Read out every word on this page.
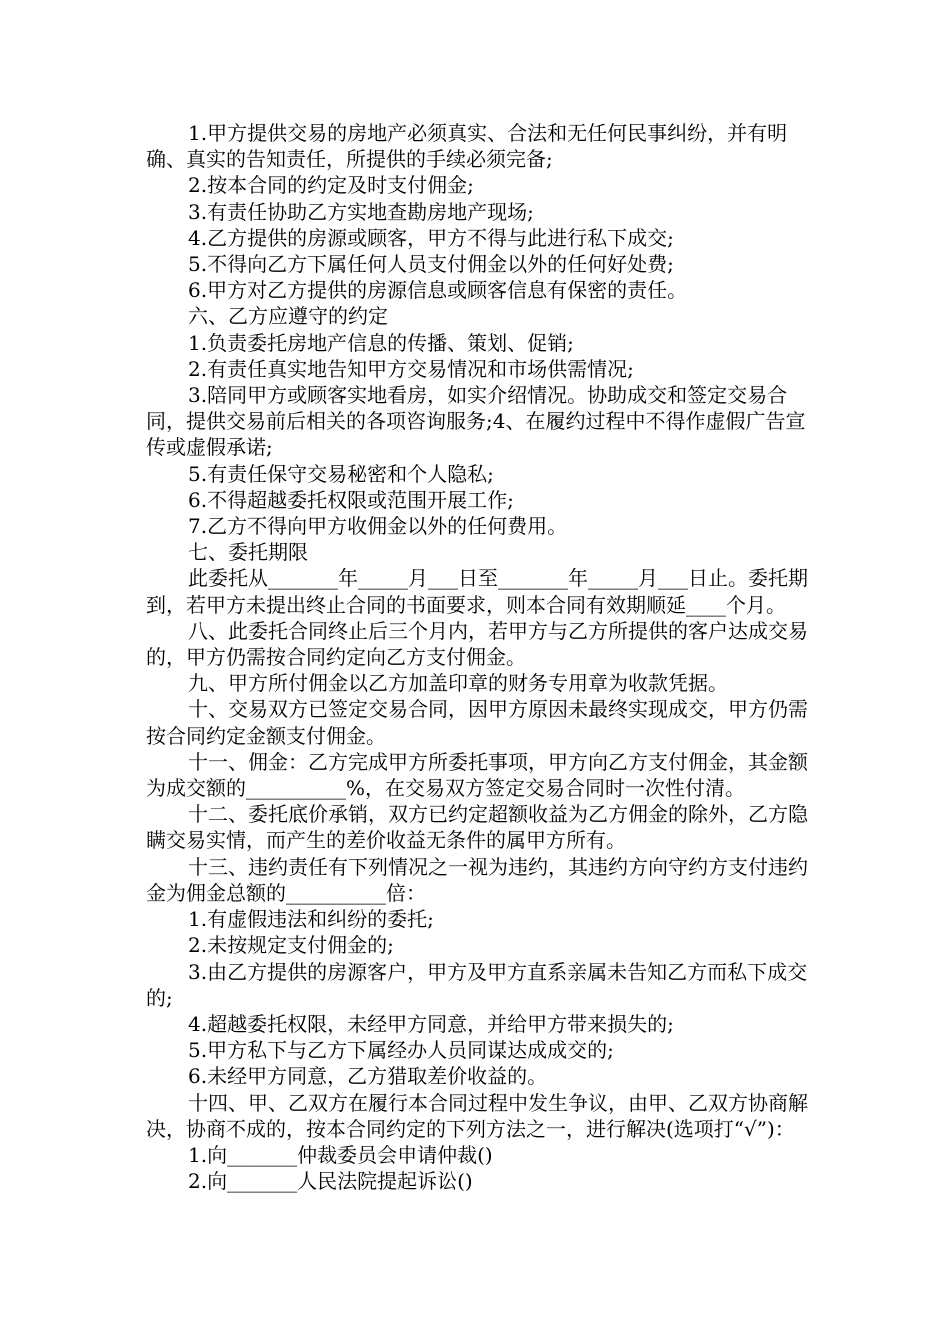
1.甲方提供交易的房地产必须真实、合法和无任何民事纠纷，并有明确、真实的告知责任，所提供的手续必须完备;

2.按本合同的约定及时支付佣金;

3.有责任协助乙方实地查勘房地产现场;

4.乙方提供的房源或顾客，甲方不得与此进行私下成交;

5.不得向乙方下属任何人员支付佣金以外的任何好处费;

6.甲方对乙方提供的房源信息或顾客信息有保密的责任。

六、乙方应遵守的约定

1.负责委托房地产信息的传播、策划、促销;

2.有责任真实地告知甲方交易情况和市场供需情况;

3.陪同甲方或顾客实地看房，如实介绍情况。协助成交和签定交易合同，提供交易前后相关的各项咨询服务;4、在履约过程中不得作虚假广告宣传或虚假承诺;

5.有责任保守交易秘密和个人隐私;

6.不得超越委托权限或范围开展工作;

7.乙方不得向甲方收佣金以外的任何费用。

七、委托期限

此委托从_______年_____月___日至_______年_____月___日止。委托期到，若甲方未提出终止合同的书面要求，则本合同有效期顺延____个月。

八、此委托合同终止后三个月内，若甲方与乙方所提供的客户达成交易的，甲方仍需按合同约定向乙方支付佣金。

九、甲方所付佣金以乙方加盖印章的财务专用章为收款凭据。

十、交易双方已签定交易合同，因甲方原因未最终实现成交，甲方仍需按合同约定金额支付佣金。

十一、佣金：乙方完成甲方所委托事项，甲方向乙方支付佣金，其金额为成交额的__________%，在交易双方签定交易合同时一次性付清。

十二、委托底价承销，双方已约定超额收益为乙方佣金的除外，乙方隐瞒交易实情，而产生的差价收益无条件的属甲方所有。

十三、违约责任有下列情况之一视为违约，其违约方向守约方支付违约金为佣金总额的__________倍：

1.有虚假违法和纠纷的委托;

2.未按规定支付佣金的;

3.由乙方提供的房源客户，甲方及甲方直系亲属未告知乙方而私下成交的;

4.超越委托权限，未经甲方同意，并给甲方带来损失的;

5.甲方私下与乙方下属经办人员同谋达成成交的;

6.未经甲方同意，乙方猎取差价收益的。

十四、甲、乙双方在履行本合同过程中发生争议，由甲、乙双方协商解决，协商不成的，按本合同约定的下列方法之一，进行解决(选项打“√”)：

1.向_______仲裁委员会申请仲裁()

2.向_______人民法院提起诉讼()
